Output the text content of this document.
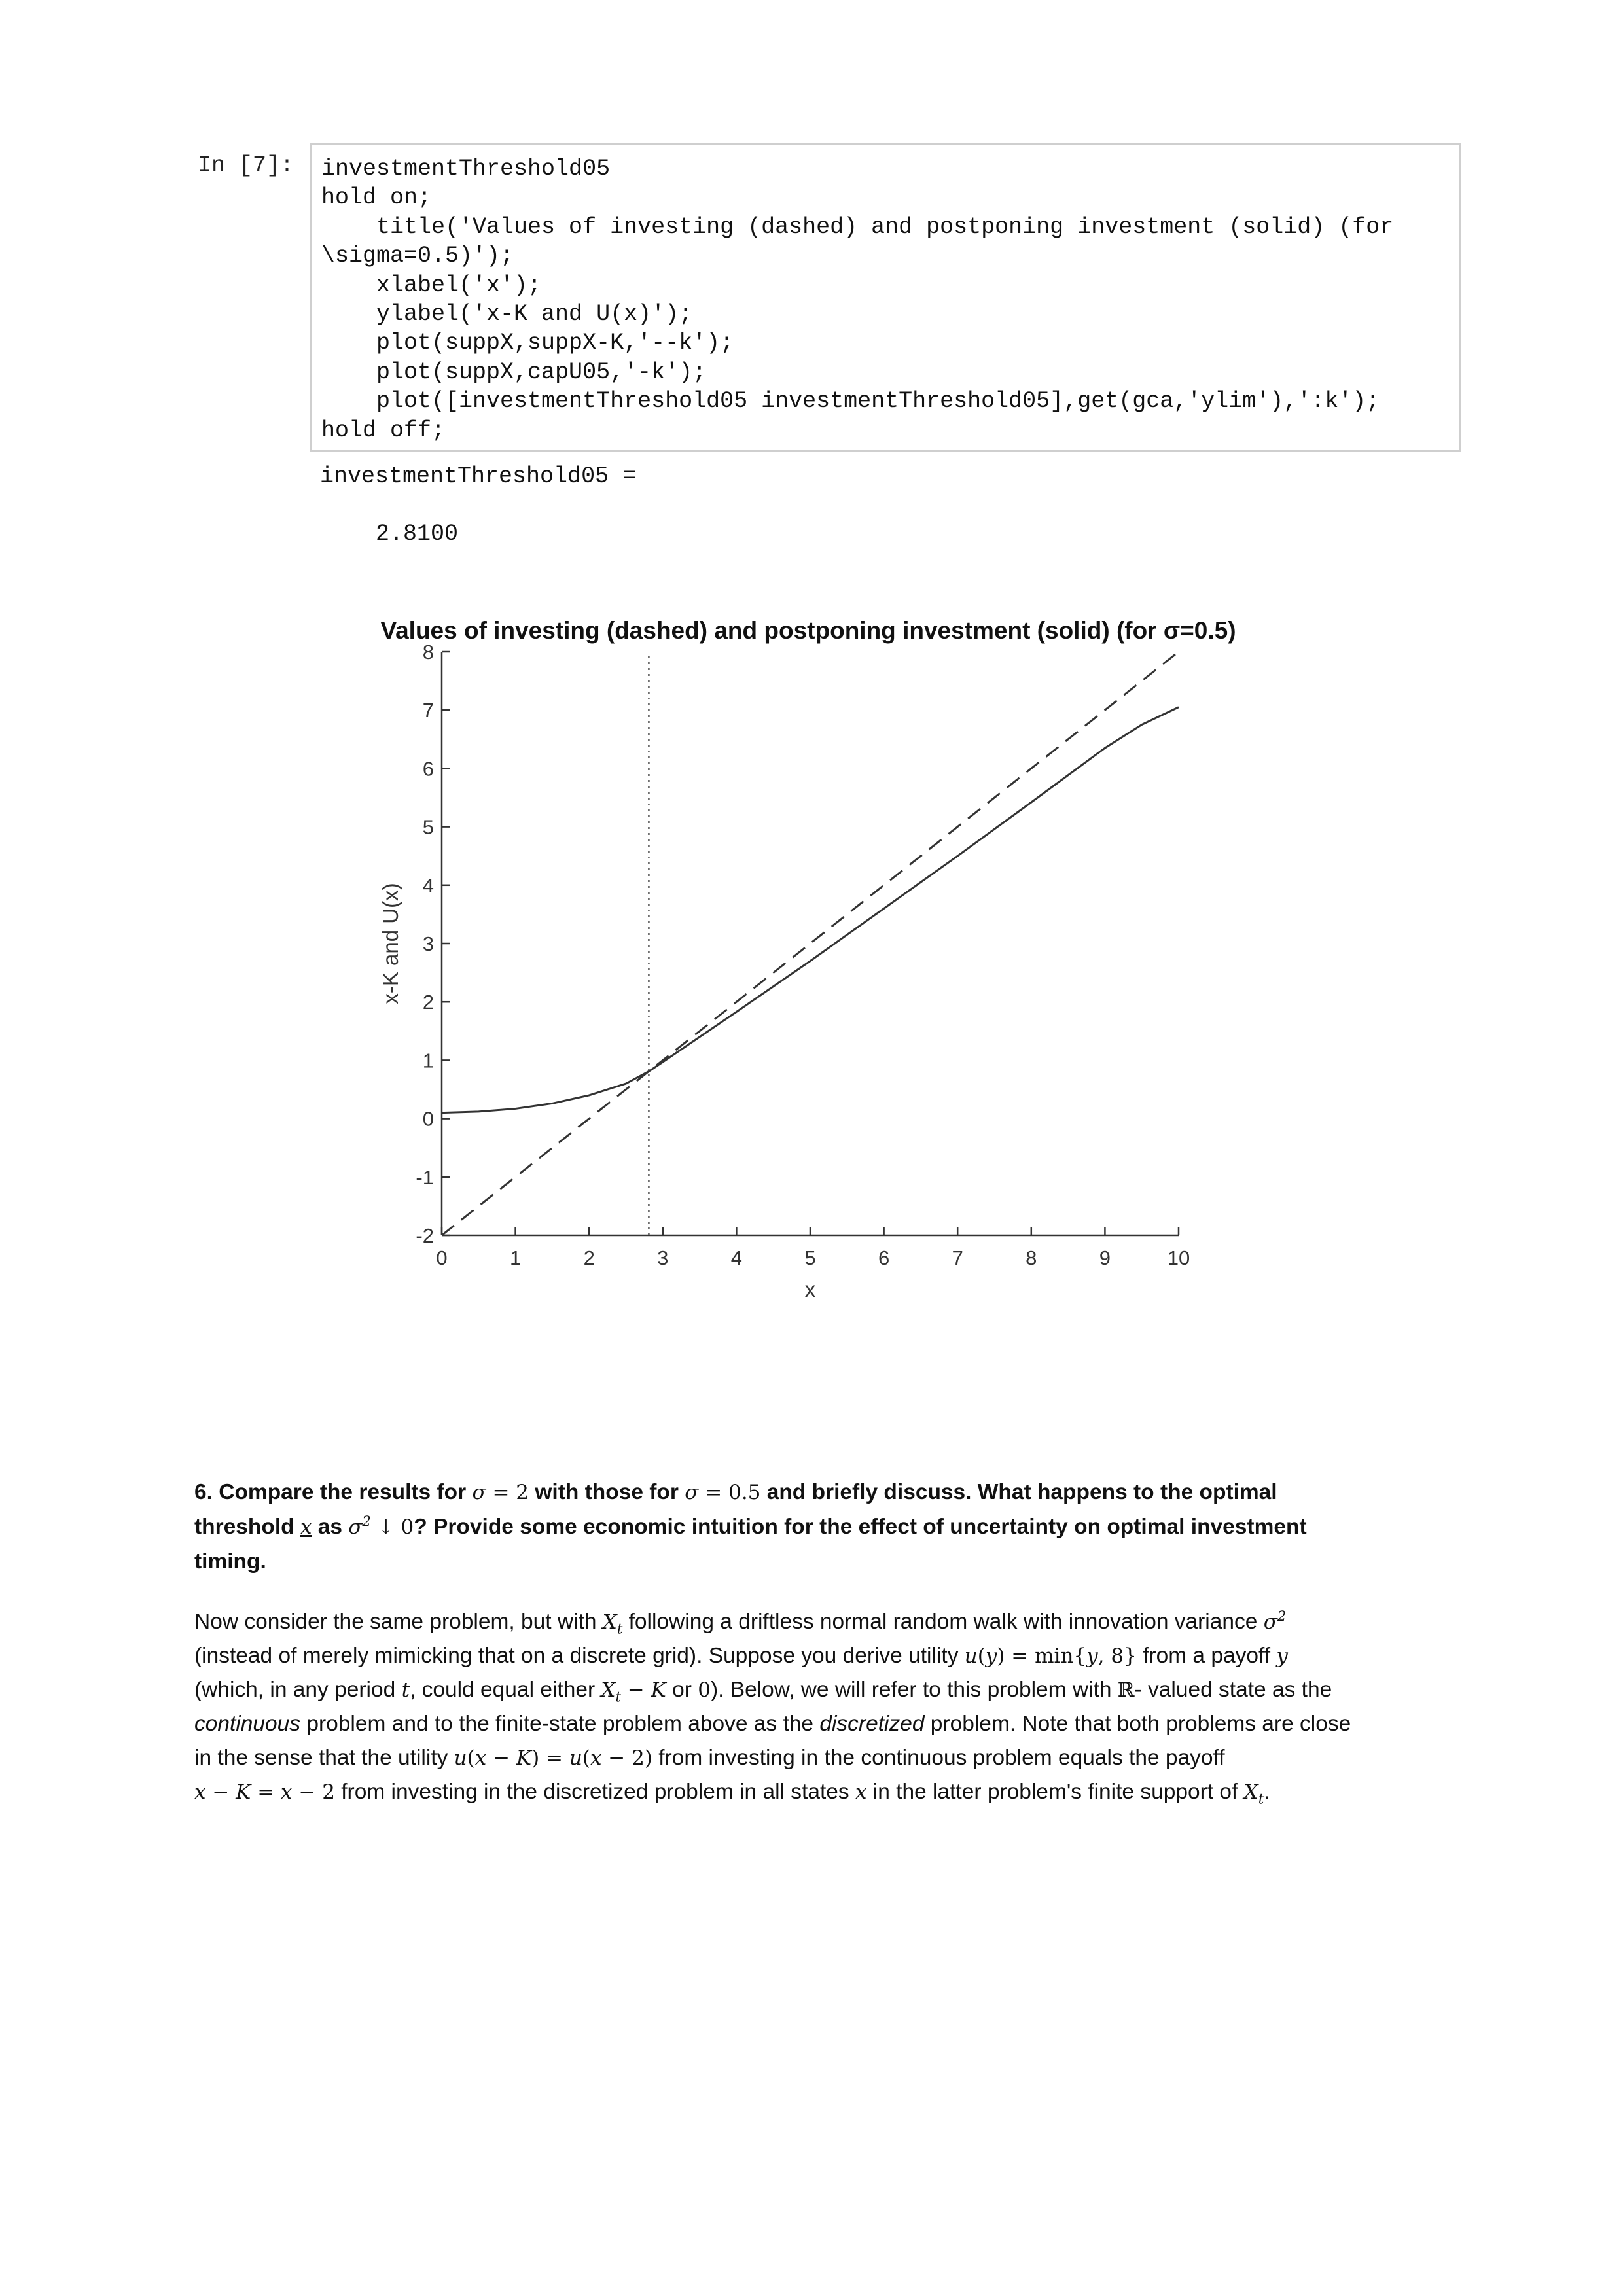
In [7]:	investmentThreshold05
hold on;
title('Values of investing (dashed) and postponing investment (solid) (for
\sigma=0.5)');
xlabel('x');
ylabel('x-K and U(x)');
plot(suppX,suppX-K,'--k');
plot(suppX,capU05,'-k');
plot([investmentThreshold05 investmentThreshold05],get(gca,'ylim'),':k');
hold off;

investmentThreshold05 =
2.8100
Values of investing (dashed) and postponing investment (solid) (for σ=0.5)
0	1	2	3	4	5	6	7	8	9	10
-2
-1
0
1
2
3
4
5
6
7
8
x
x-K and U(x)
6. Compare the results for σ = 2 with those for σ = 0.5 and briefly discuss. What happens to the optimal
threshold x as $\sigma^2$ ↓ 0? Provide some economic intuition for the effect of uncertainty on optimal investment
timing.
Now consider the same problem, but with $X_t$ following a driftless normal random walk with innovation variance $\sigma^2$
(instead of merely mimicking that on a discrete grid). Suppose you derive utility u(y) = min{y, 8} from a payoff y
(which, in any period t, could equal either $X_t - K$ or 0). Below, we will refer to this problem with ℝ- valued state as the
continuous problem and to the finite-state problem above as the discretized problem. Note that both problems are close
in the sense that the utility u(x − K) = u(x − 2) from investing in the continuous problem equals the payoff
x − K = x − 2 from investing in the discretized problem in all states x in the latter problem's finite support of $X_t$.
